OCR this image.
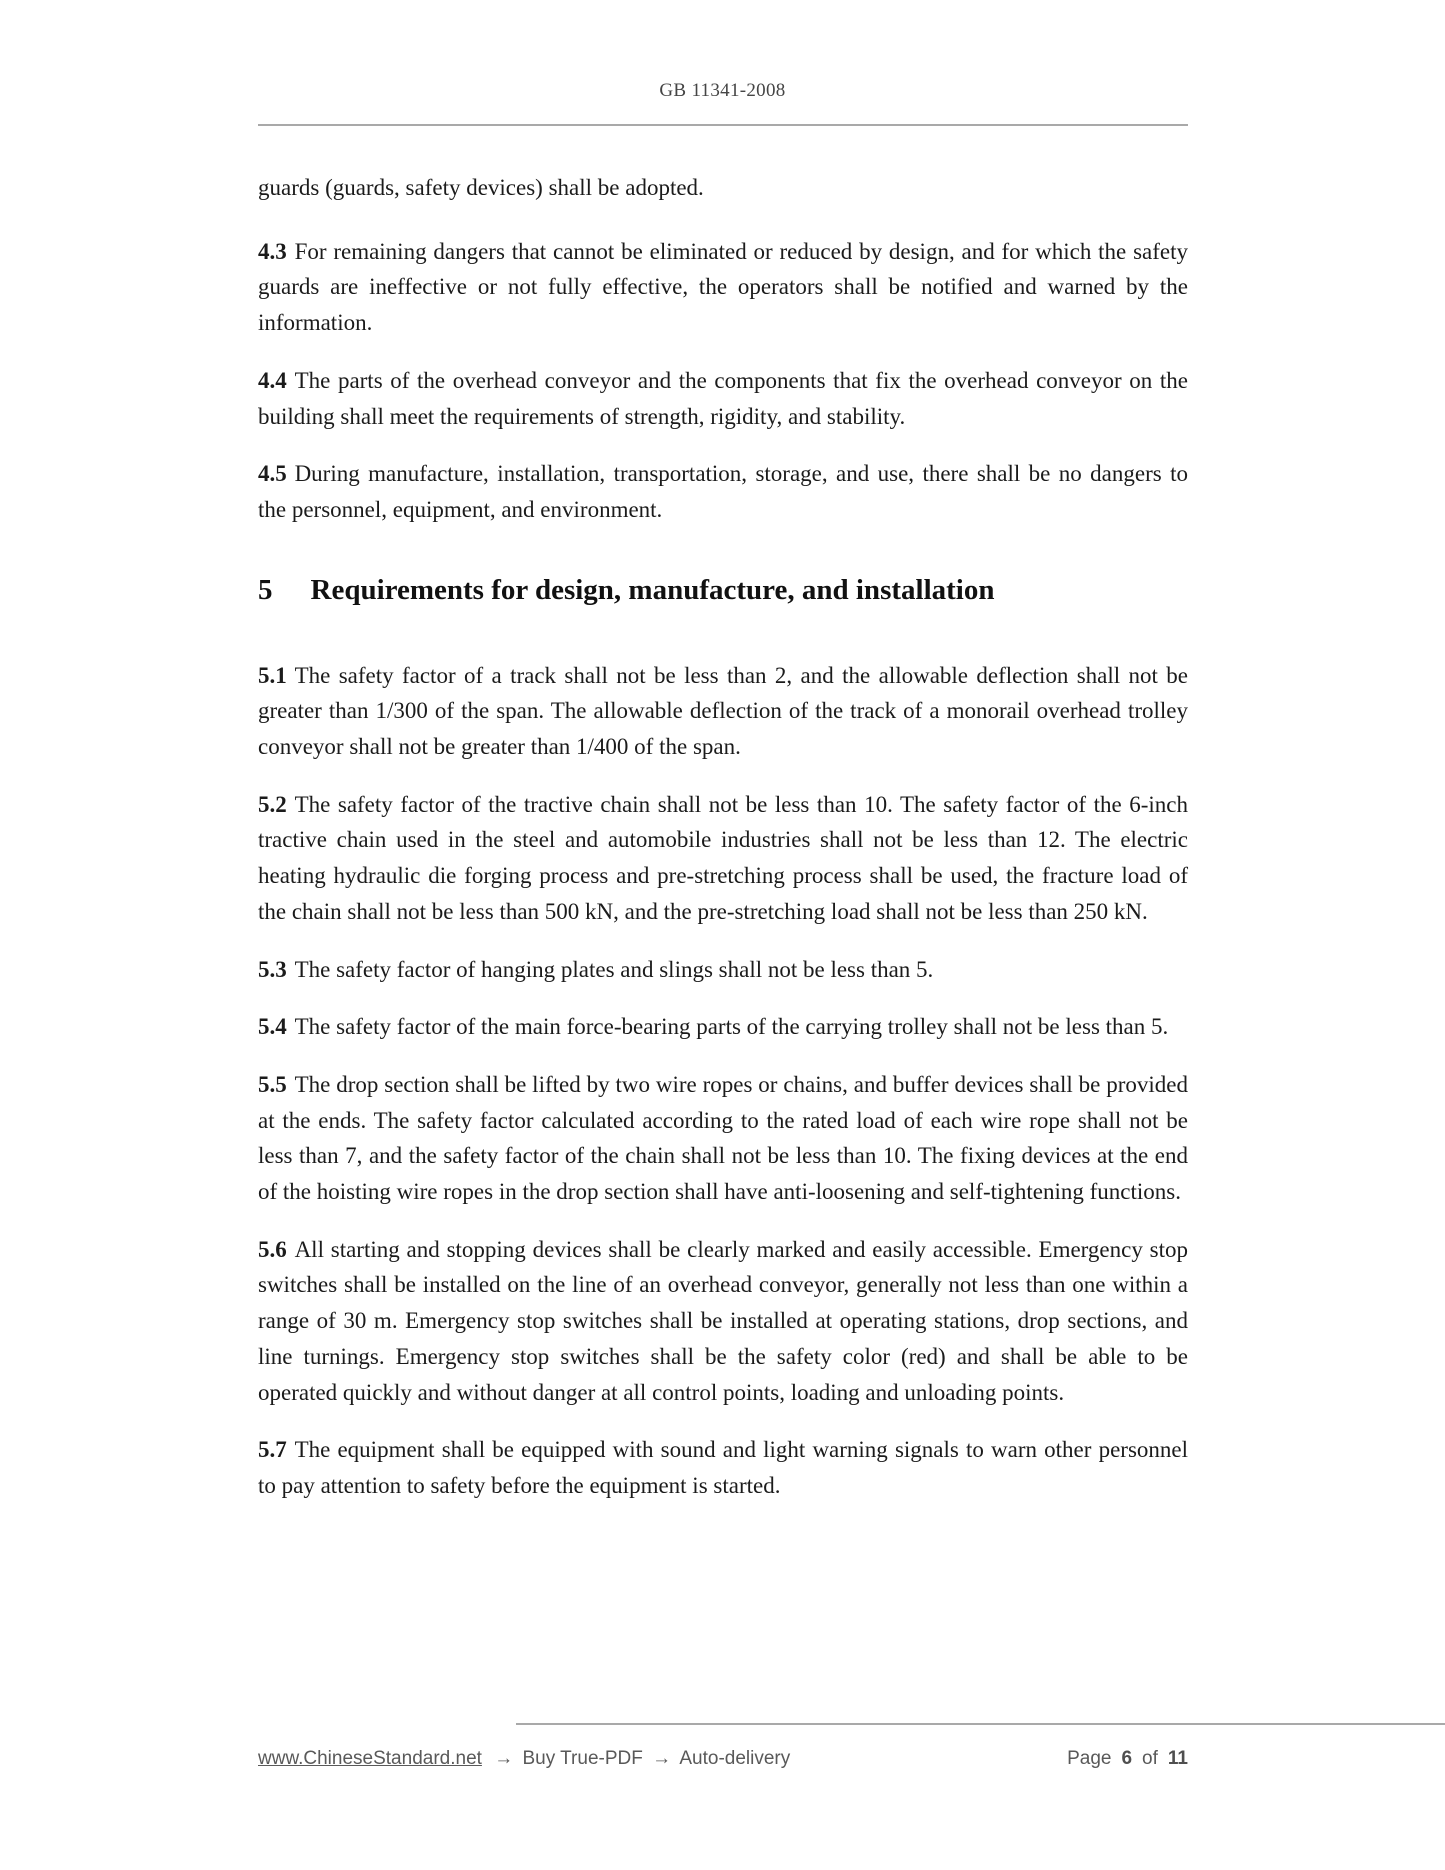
GB 11341-2008

guards (guards, safety devices) shall be adopted.

4.3 For remaining dangers that cannot be eliminated or reduced by design, and for which the safety guards are ineffective or not fully effective, the operators shall be notified and warned by the information.

4.4 The parts of the overhead conveyor and the components that fix the overhead conveyor on the building shall meet the requirements of strength, rigidity, and stability.

4.5 During manufacture, installation, transportation, storage, and use, there shall be no dangers to the personnel, equipment, and environment.

5 Requirements for design, manufacture, and installation

5.1 The safety factor of a track shall not be less than 2, and the allowable deflection shall not be greater than 1/300 of the span. The allowable deflection of the track of a monorail overhead trolley conveyor shall not be greater than 1/400 of the span.

5.2 The safety factor of the tractive chain shall not be less than 10. The safety factor of the 6-inch tractive chain used in the steel and automobile industries shall not be less than 12. The electric heating hydraulic die forging process and pre-stretching process shall be used, the fracture load of the chain shall not be less than 500 kN, and the pre-stretching load shall not be less than 250 kN.

5.3 The safety factor of hanging plates and slings shall not be less than 5.

5.4 The safety factor of the main force-bearing parts of the carrying trolley shall not be less than 5.

5.5 The drop section shall be lifted by two wire ropes or chains, and buffer devices shall be provided at the ends. The safety factor calculated according to the rated load of each wire rope shall not be less than 7, and the safety factor of the chain shall not be less than 10. The fixing devices at the end of the hoisting wire ropes in the drop section shall have anti-loosening and self-tightening functions.

5.6 All starting and stopping devices shall be clearly marked and easily accessible. Emergency stop switches shall be installed on the line of an overhead conveyor, generally not less than one within a range of 30 m. Emergency stop switches shall be installed at operating stations, drop sections, and line turnings. Emergency stop switches shall be the safety color (red) and shall be able to be operated quickly and without danger at all control points, loading and unloading points.

5.7 The equipment shall be equipped with sound and light warning signals to warn other personnel to pay attention to safety before the equipment is started.

www.ChineseStandard.net → Buy True-PDF → Auto-delivery	Page 6 of 11
